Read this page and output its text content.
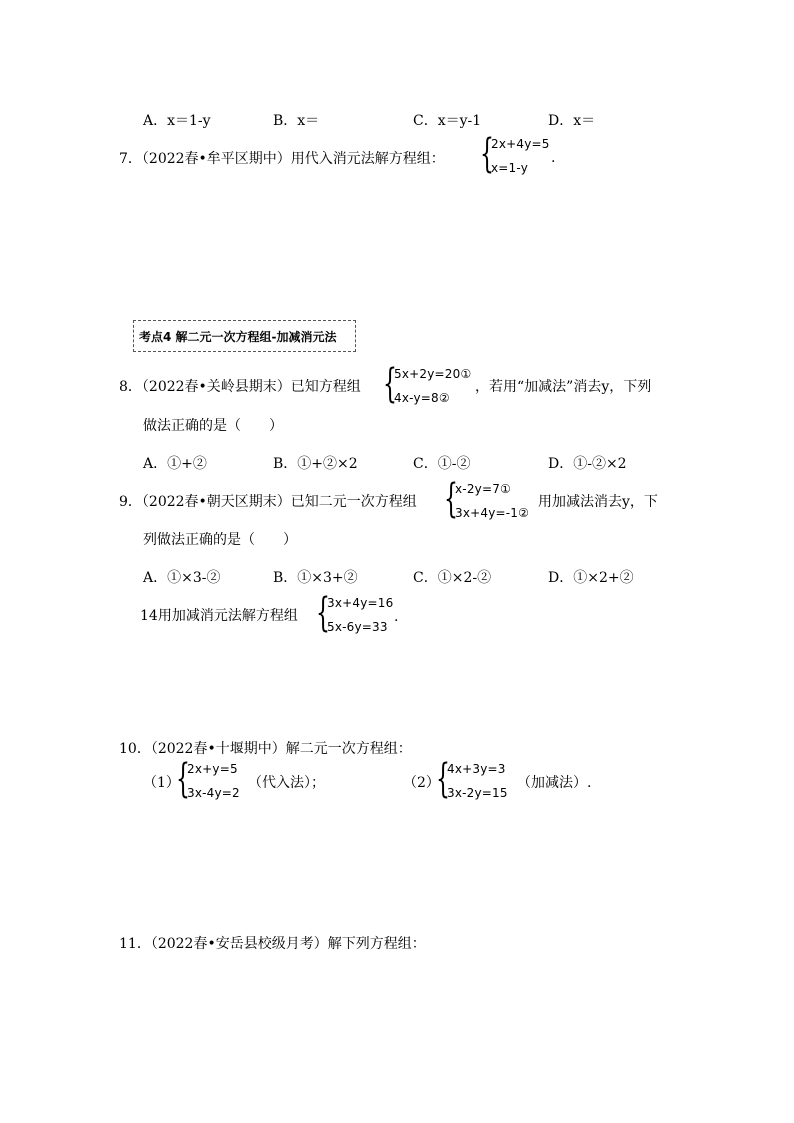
A．x＝1-y	B．x＝	C．x＝y-1	D．x＝
7．（2022春•牟平区期中）用代入消元法解方程组： {
2x+4y=5
x=1-y
.
考点4 解二元一次方程组-加减消元法
8．（2022春•关岭县期末）已知方程组 {
5x+2y=20①
4x-y=8②
，若用“加减法”消去y，下列
做法正确的是（　　）
A．①+②	B．①+②×2	C．①-②	D．①-②×2
9．（2022春•朝天区期末）已知二元一次方程组 {
x-2y=7①
3x+4y=-1②
用加减法消去y，下
列做法正确的是（　　）
A．①×3-②	B．①×3+②	C．①×2-②	D．①×2+②
14用加减消元法解方程组 {
3x+4y=16
5x-6y=33
.
10．（2022春•十堰期中）解二元一次方程组：
（1）
{
2x+y=5
3x-4y=2
（代入法）；	（2）
{
4x+3y=3
3x-2y=15
（加减法）.
11．（2022春•安岳县校级月考）解下列方程组：
